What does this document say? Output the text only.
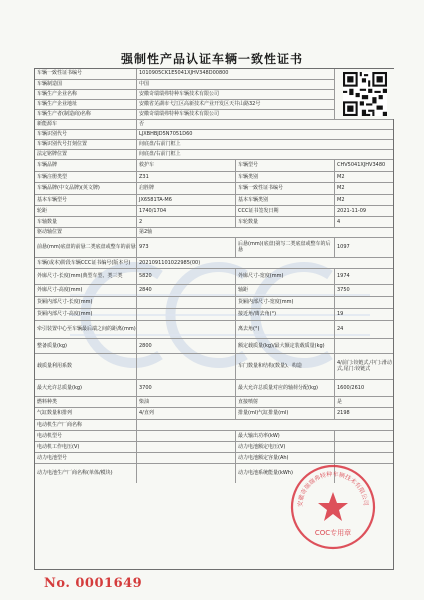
强制性产品认证车辆一致性证书
车辆一致性证书编号	1010905CK1E5041XJHV348D00800
车辆制造国	中国
车辆生产企业名称	安徽奇瑞瑞弗特种车辆技术有限公司
车辆生产企业地址	安徽省芜湖市弋江区高新技术产业开发区天井山路32号
车辆生产者(制造商)名称	安徽奇瑞瑞弗特种车辆技术有限公司
新能源车	否
车辆识别代号	LJXBHBJD5N7051D60
车辆识别代号打刻位置	间底盘/右前门框上
法定铭牌位置	间底盘/右前门框上
车辆品牌	救护车	车辆型号	CHV5041XJHV3480
车辆注册类型	Z31	车辆类别	M2
车辆品牌(中文品牌)(英文牌)	启胜牌	车辆一致性证书编号	M2
基本车辆型号	JX6581TA-M6	基本车辆类别	M2
轮距	1740/1704	CCC证书签发日期	2021-11-09
车轴数量	2	车轮数量	4
驱动轴位置	第2轴
前悬(mm)底盘的前悬二类底盘或整车的前悬 973	后悬(mm)(底盘)第写二类底盘或整车的后悬	1097
车辆(或本)阶段车辆CCC证书编号(版本号)	2021091101022985(00)
外廓尺寸-长度(mm)典型车型、类三类	5820	外廓尺寸-宽度(mm)	1974
外廓尺寸-高度(mm)	2840	轴距	3750
货厢内部尺寸-长度(mm)	货厢内部尺寸-宽度(mm)
货厢内部尺寸-高度(mm)	接近角/离去角(°)	19
牵引装置中心至车辆最后端之间的距离(mm)	离去角(°)	24
整备质量(kg)	2800	额定载质量(kg)/最大额定装载质量(kg)
载质量利用系数	车门数量和结构(数量)、构造	4/前门:铰链式,中门:滑动式,尾门:铰链式
最大允许总质量(kg)	3700	最大允许总质量对应的轴荷分配(kg)	1600/2610
燃料种类	柴油	直接喷射	是
气缸数量和排列	4/直列	排量(ml)气缸排量(ml)	2198
电动机生产厂商名称
电动机型号	最大输出功率(kW)
电动机工作电压(V)	动力电池额定电压(V)
动力电池型号	动力电池额定容量(Ah)
动力电池生产厂商名称(单体/模块)	动力电池系统能量(kWh)
安徽奇瑞瑞弗特种车辆技术有限公司
COC专用章
No. 0001649
